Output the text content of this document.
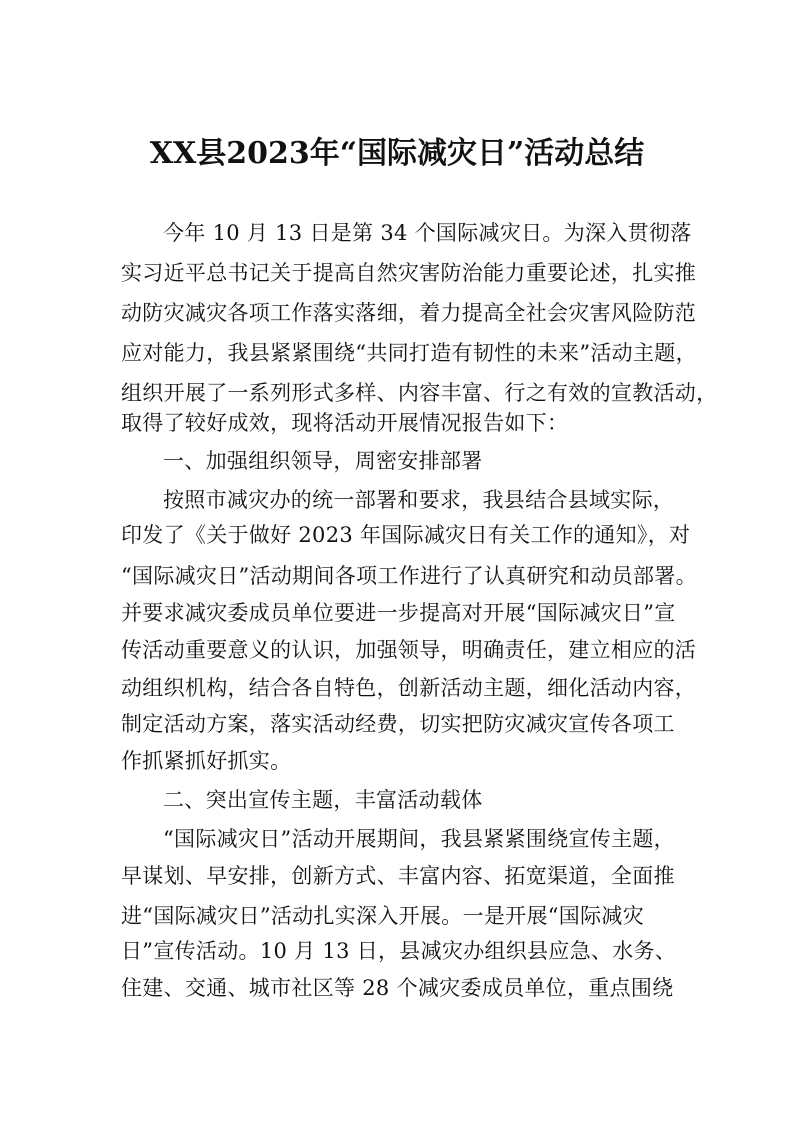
XX县2023年“国际减灾日”活动总结
今年 10 月 13 日是第 34 个国际减灾日。为深入贯彻落
实习近平总书记关于提高自然灾害防治能力重要论述，扎实推
动防灾减灾各项工作落实落细，着力提高全社会灾害风险防范
应对能力，我县紧紧围绕“共同打造有韧性的未来”活动主题，
组织开展了一系列形式多样、内容丰富、行之有效的宣教活动，
取得了较好成效，现将活动开展情况报告如下：
一、加强组织领导，周密安排部署
按照市减灾办的统一部署和要求，我县结合县域实际，
印发了《关于做好 2023 年国际减灾日有关工作的通知》，对
“国际减灾日”活动期间各项工作进行了认真研究和动员部署。
并要求减灾委成员单位要进一步提高对开展“国际减灾日”宣
传活动重要意义的认识，加强领导，明确责任，建立相应的活
动组织机构，结合各自特色，创新活动主题，细化活动内容，
制定活动方案，落实活动经费，切实把防灾减灾宣传各项工
作抓紧抓好抓实。
二、突出宣传主题，丰富活动载体
“国际减灾日”活动开展期间，我县紧紧围绕宣传主题，
早谋划、早安排，创新方式、丰富内容、拓宽渠道，全面推
进“国际减灾日”活动扎实深入开展。一是开展“国际减灾
日”宣传活动。10 月 13 日，县减灾办组织县应急、水务、
住建、交通、城市社区等 28 个减灾委成员单位，重点围绕
